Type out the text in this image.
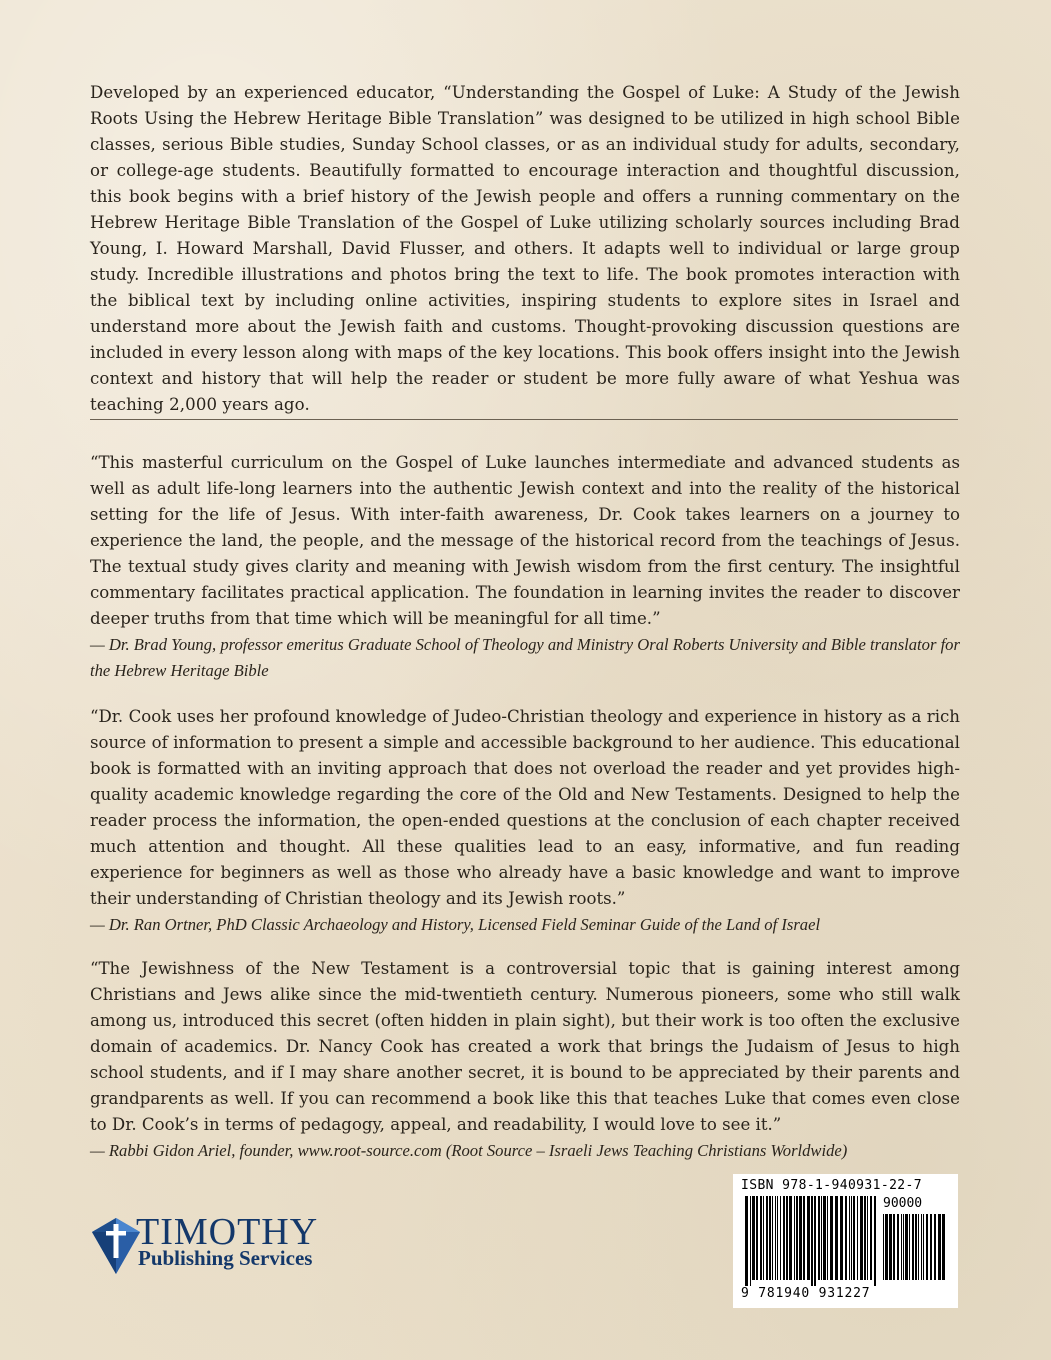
Developed by an experienced educator, “Understanding the Gospel of Luke: A Study of the Jewish Roots Using the Hebrew Heritage Bible Translation” was designed to be utilized in high school Bible classes, serious Bible studies, Sunday School classes, or as an individual study for adults, secondary, or college-age students. Beautifully formatted to encourage interaction and thoughtful discussion, this book begins with a brief history of the Jewish people and offers a running commentary on the Hebrew Heritage Bible Translation of the Gospel of Luke utilizing scholarly sources including Brad Young, I. Howard Marshall, David Flusser, and others. It adapts well to individual or large group study. Incredible illustrations and photos bring the text to life. The book promotes interaction with the biblical text by including online activities, inspiring students to explore sites in Israel and understand more about the Jewish faith and customs. Thought-provoking discussion questions are included in every lesson along with maps of the key locations. This book offers insight into the Jewish context and history that will help the reader or student be more fully aware of what Yeshua was teaching 2,000 years ago.

“This masterful curriculum on the Gospel of Luke launches intermediate and advanced students as well as adult life-long learners into the authentic Jewish context and into the reality of the historical setting for the life of Jesus. With inter-faith awareness, Dr. Cook takes learners on a journey to experience the land, the people, and the message of the historical record from the teachings of Jesus. The textual study gives clarity and meaning with Jewish wisdom from the first century. The insightful commentary facilitates practical application. The foundation in learning invites the reader to discover deeper truths from that time which will be meaningful for all time.”

— Dr. Brad Young, professor emeritus Graduate School of Theology and Ministry Oral Roberts University and Bible translator for the Hebrew Heritage Bible

“Dr. Cook uses her profound knowledge of Judeo-Christian theology and experience in history as a rich source of information to present a simple and accessible background to her audience. This educational book is formatted with an inviting approach that does not overload the reader and yet provides high-quality academic knowledge regarding the core of the Old and New Testaments. Designed to help the reader process the information, the open-ended questions at the conclusion of each chapter received much attention and thought. All these qualities lead to an easy, informative, and fun reading experience for beginners as well as those who already have a basic knowledge and want to improve their understanding of Christian theology and its Jewish roots.”

— Dr. Ran Ortner, PhD Classic Archaeology and History, Licensed Field Seminar Guide of the Land of Israel

“The Jewishness of the New Testament is a controversial topic that is gaining interest among Christians and Jews alike since the mid-twentieth century. Numerous pioneers, some who still walk among us, introduced this secret (often hidden in plain sight), but their work is too often the exclusive domain of academics. Dr. Nancy Cook has created a work that brings the Judaism of Jesus to high school students, and if I may share another secret, it is bound to be appreciated by their parents and grandparents as well. If you can recommend a book like this that teaches Luke that comes even close to Dr. Cook’s in terms of pedagogy, appeal, and readability, I would love to see it.”

— Rabbi Gidon Ariel, founder, www.root-source.com (Root Source – Israeli Jews Teaching Christians Worldwide)

TIMOTHY
Publishing Services
ISBN 978-1-940931-22-7
90000
9 781940 931227
